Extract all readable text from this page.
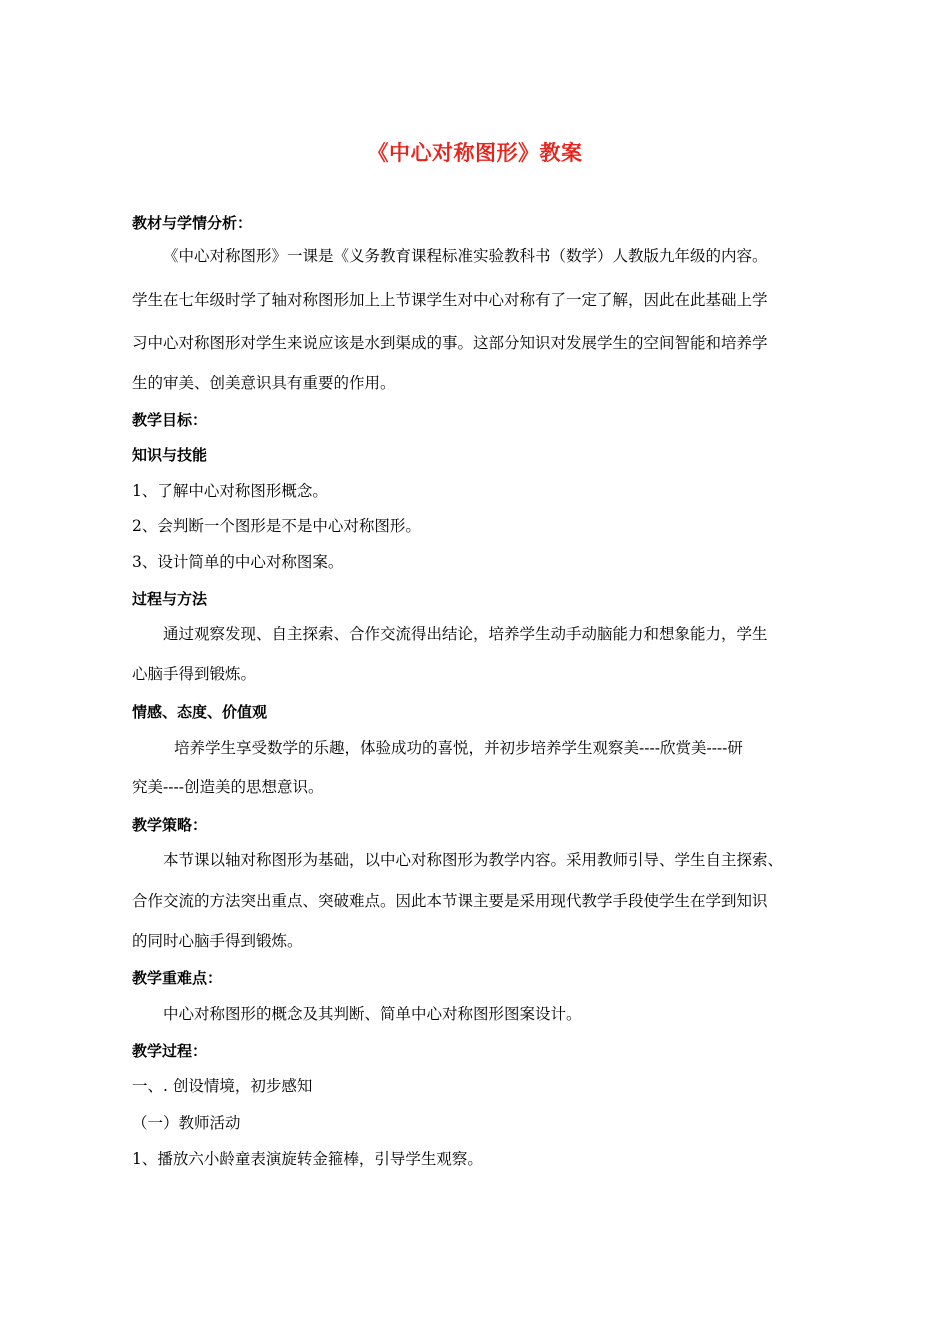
《中心对称图形》教案
教材与学情分析：
《中心对称图形》一课是《义务教育课程标准实验教科书（数学）人教版九年级的内容。
学生在七年级时学了轴对称图形加上上节课学生对中心对称有了一定了解，因此在此基础上学
习中心对称图形对学生来说应该是水到渠成的事。这部分知识对发展学生的空间智能和培养学
生的审美、创美意识具有重要的作用。
教学目标：
知识与技能
1、了解中心对称图形概念。
2、会判断一个图形是不是中心对称图形。
3、设计简单的中心对称图案。
过程与方法
通过观察发现、自主探索、合作交流得出结论，培养学生动手动脑能力和想象能力，学生
心脑手得到锻炼。
情感、态度、价值观
培养学生享受数学的乐趣，体验成功的喜悦，并初步培养学生观察美----欣赏美----研
究美----创造美的思想意识。
教学策略：
本节课以轴对称图形为基础，以中心对称图形为教学内容。采用教师引导、学生自主探索、
合作交流的方法突出重点、突破难点。因此本节课主要是采用现代教学手段使学生在学到知识
的同时心脑手得到锻炼。
教学重难点：
中心对称图形的概念及其判断、简单中心对称图形图案设计。
教学过程：
一、. 创设情境，初步感知
（一）教师活动
1、播放六小龄童表演旋转金箍棒，引导学生观察。
